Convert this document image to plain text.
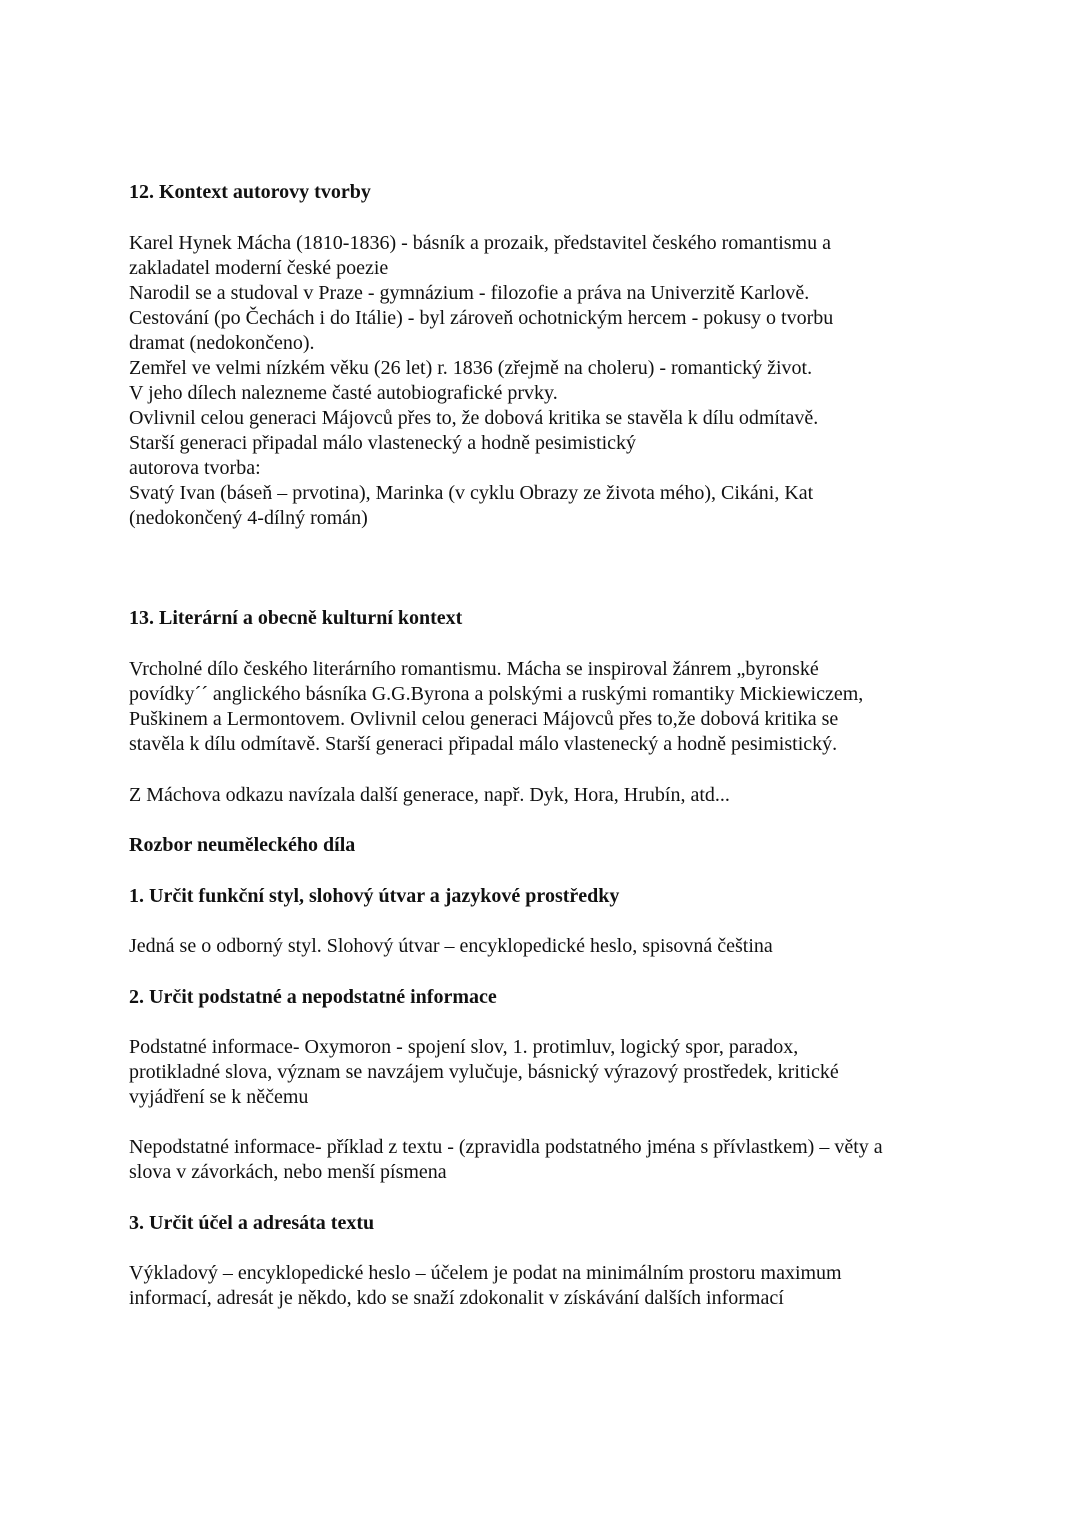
12. Kontext autorovy tvorby
Karel Hynek Mácha (1810-1836) - básník a prozaik, představitel českého romantismu a
zakladatel moderní české poezie
Narodil se a studoval v Praze - gymnázium - filozofie a práva na Univerzitě Karlově.
Cestování (po Čechách i do Itálie) - byl zároveň ochotnickým hercem - pokusy o tvorbu
dramat (nedokončeno).
Zemřel ve velmi nízkém věku (26 let) r. 1836 (zřejmě na choleru) - romantický život.
V jeho dílech nalezneme časté autobiografické prvky.
Ovlivnil celou generaci Májovců přes to, že dobová kritika se stavěla k dílu odmítavě.
Starší generaci připadal málo vlastenecký a hodně pesimistický
autorova tvorba:
Svatý Ivan (báseň – prvotina), Marinka (v cyklu Obrazy ze života mého), Cikáni, Kat
(nedokončený 4-dílný román)
13. Literární a obecně kulturní kontext
Vrcholné dílo českého literárního romantismu. Mácha se inspiroval žánrem „byronské
povídky´´ anglického básníka G.G.Byrona a polskými a ruskými romantiky Mickiewiczem,
Puškinem a Lermontovem. Ovlivnil celou generaci Májovců přes to,že dobová kritika se
stavěla k dílu odmítavě. Starší generaci připadal málo vlastenecký a hodně pesimistický.
Z Máchova odkazu navízala další generace, např. Dyk, Hora, Hrubín, atd...
Rozbor neuměleckého díla
1. Určit funkční styl, slohový útvar a jazykové prostředky
Jedná se o odborný styl. Slohový útvar – encyklopedické heslo, spisovná čeština
2. Určit podstatné a nepodstatné informace
Podstatné informace- Oxymoron - spojení slov, 1. protimluv, logický spor, paradox,
protikladné slova, význam se navzájem vylučuje, básnický výrazový prostředek, kritické
vyjádření se k něčemu
Nepodstatné informace- příklad z textu - (zpravidla podstatného jména s přívlastkem) – věty a
slova v závorkách, nebo menší písmena
3. Určit účel a adresáta textu
Výkladový – encyklopedické heslo – účelem je podat na minimálním prostoru maximum
informací, adresát je někdo, kdo se snaží zdokonalit v získávání dalších informací
